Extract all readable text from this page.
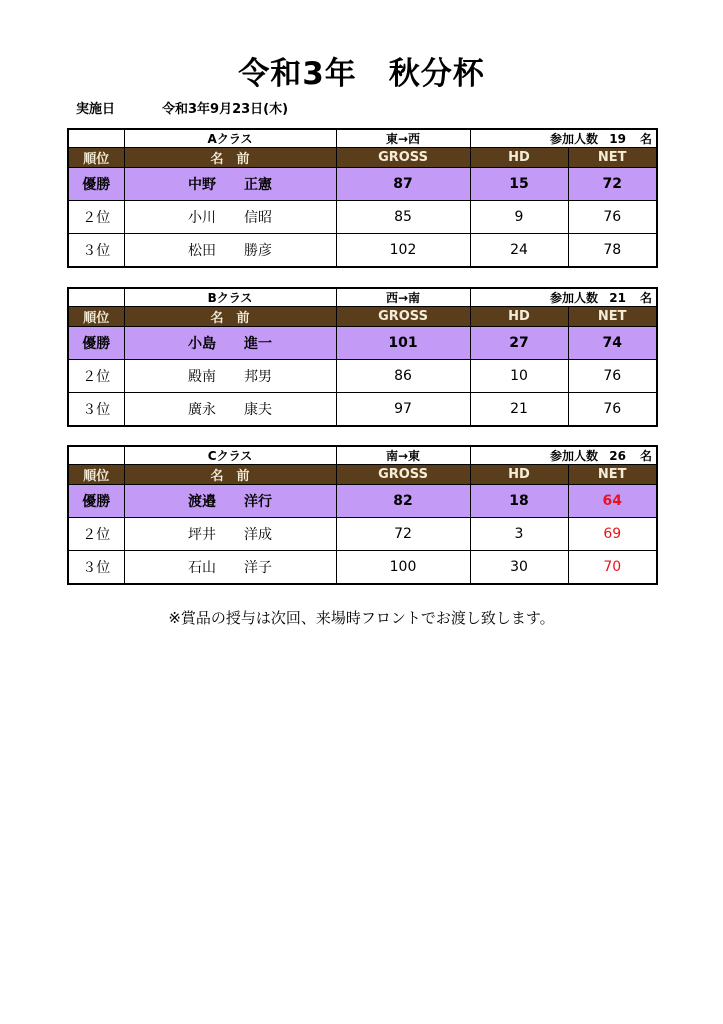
令和3年　秋分杯
実施日	令和3年9月23日(木)
	Aクラス	東→西	参加人数 19 名	

順位	名　前	GROSS	HD	NET
優勝	中野　　正憲	87	15	72
２位	小川　　信昭	85	9	76
３位	松田　　勝彦	102	24	78
	Bクラス	西→南	参加人数 21 名	

順位	名　前	GROSS	HD	NET
優勝	小島　　進一	101	27	74
２位	殿南　　邦男	86	10	76
３位	廣永　　康夫	97	21	76
	Cクラス	南→東	参加人数 26 名	

順位	名　前	GROSS	HD	NET
優勝	渡邉　　洋行	82	18	64
２位	坪井　　洋成	72	3	69
３位	石山　　洋子	100	30	70
※賞品の授与は次回、来場時フロントでお渡し致します。
